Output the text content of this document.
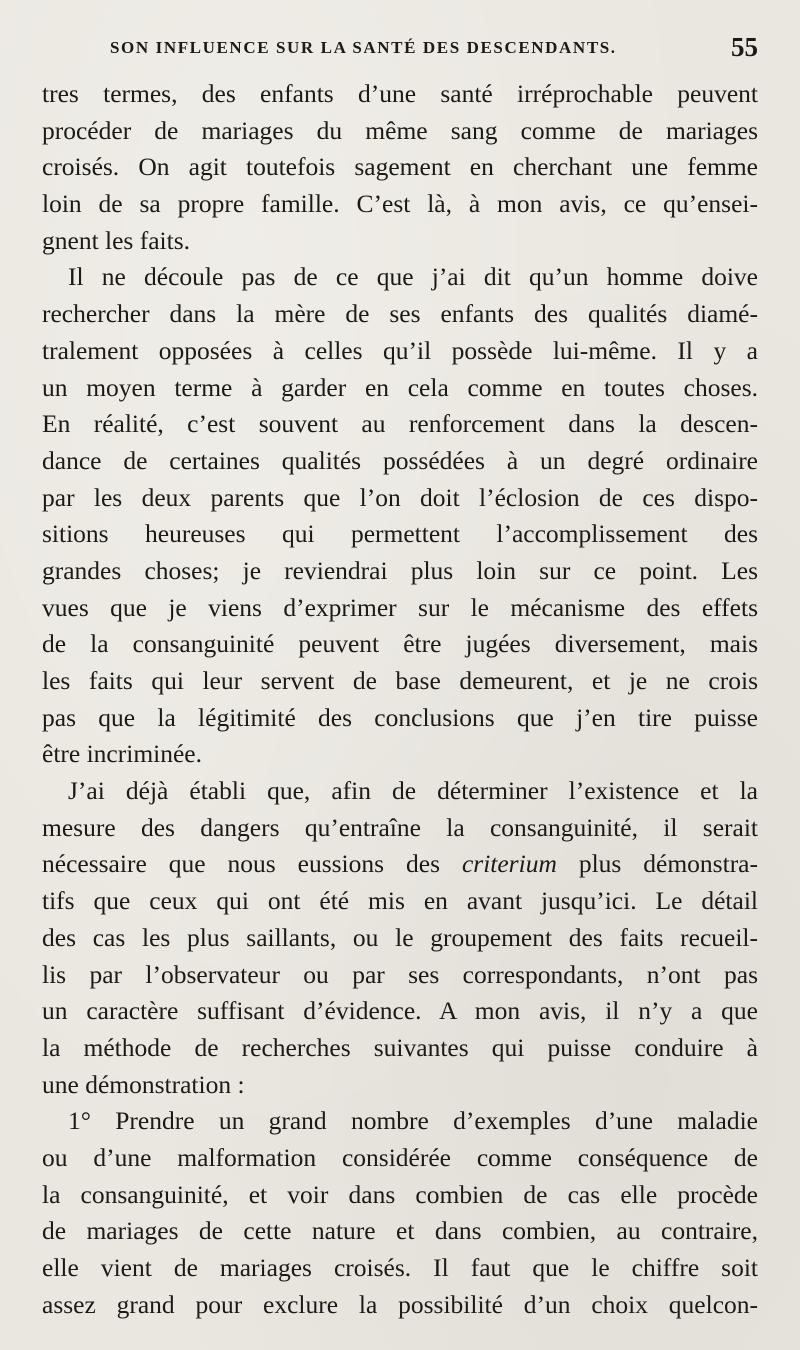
SON INFLUENCE SUR LA SANTÉ DES DESCENDANTS.	55
tres termes, des enfants d’une santé irréprochable peuvent
procéder de mariages du même sang comme de mariages
croisés. On agit toutefois sagement en cherchant une femme
loin de sa propre famille. C’est là, à mon avis, ce qu’ensei-
gnent les faits.
Il ne découle pas de ce que j’ai dit qu’un homme doive
rechercher dans la mère de ses enfants des qualités diamé-
tralement opposées à celles qu’il possède lui-même. Il y a
un moyen terme à garder en cela comme en toutes choses.
En réalité, c’est souvent au renforcement dans la descen-
dance de certaines qualités possédées à un degré ordinaire
par les deux parents que l’on doit l’éclosion de ces dispo-
sitions heureuses qui permettent l’accomplissement des
grandes choses; je reviendrai plus loin sur ce point. Les
vues que je viens d’exprimer sur le mécanisme des effets
de la consanguinité peuvent être jugées diversement, mais
les faits qui leur servent de base demeurent, et je ne crois
pas que la légitimité des conclusions que j’en tire puisse
être incriminée.
J’ai déjà établi que, afin de déterminer l’existence et la
mesure des dangers qu’entraîne la consanguinité, il serait
nécessaire que nous eussions des criterium plus démonstra-
tifs que ceux qui ont été mis en avant jusqu’ici. Le détail
des cas les plus saillants, ou le groupement des faits recueil-
lis par l’observateur ou par ses correspondants, n’ont pas
un caractère suffisant d’évidence. A mon avis, il n’y a que
la méthode de recherches suivantes qui puisse conduire à
une démonstration :
1° Prendre un grand nombre d’exemples d’une maladie
ou d’une malformation considérée comme conséquence de
la consanguinité, et voir dans combien de cas elle procède
de mariages de cette nature et dans combien, au contraire,
elle vient de mariages croisés. Il faut que le chiffre soit
assez grand pour exclure la possibilité d’un choix quelcon-
